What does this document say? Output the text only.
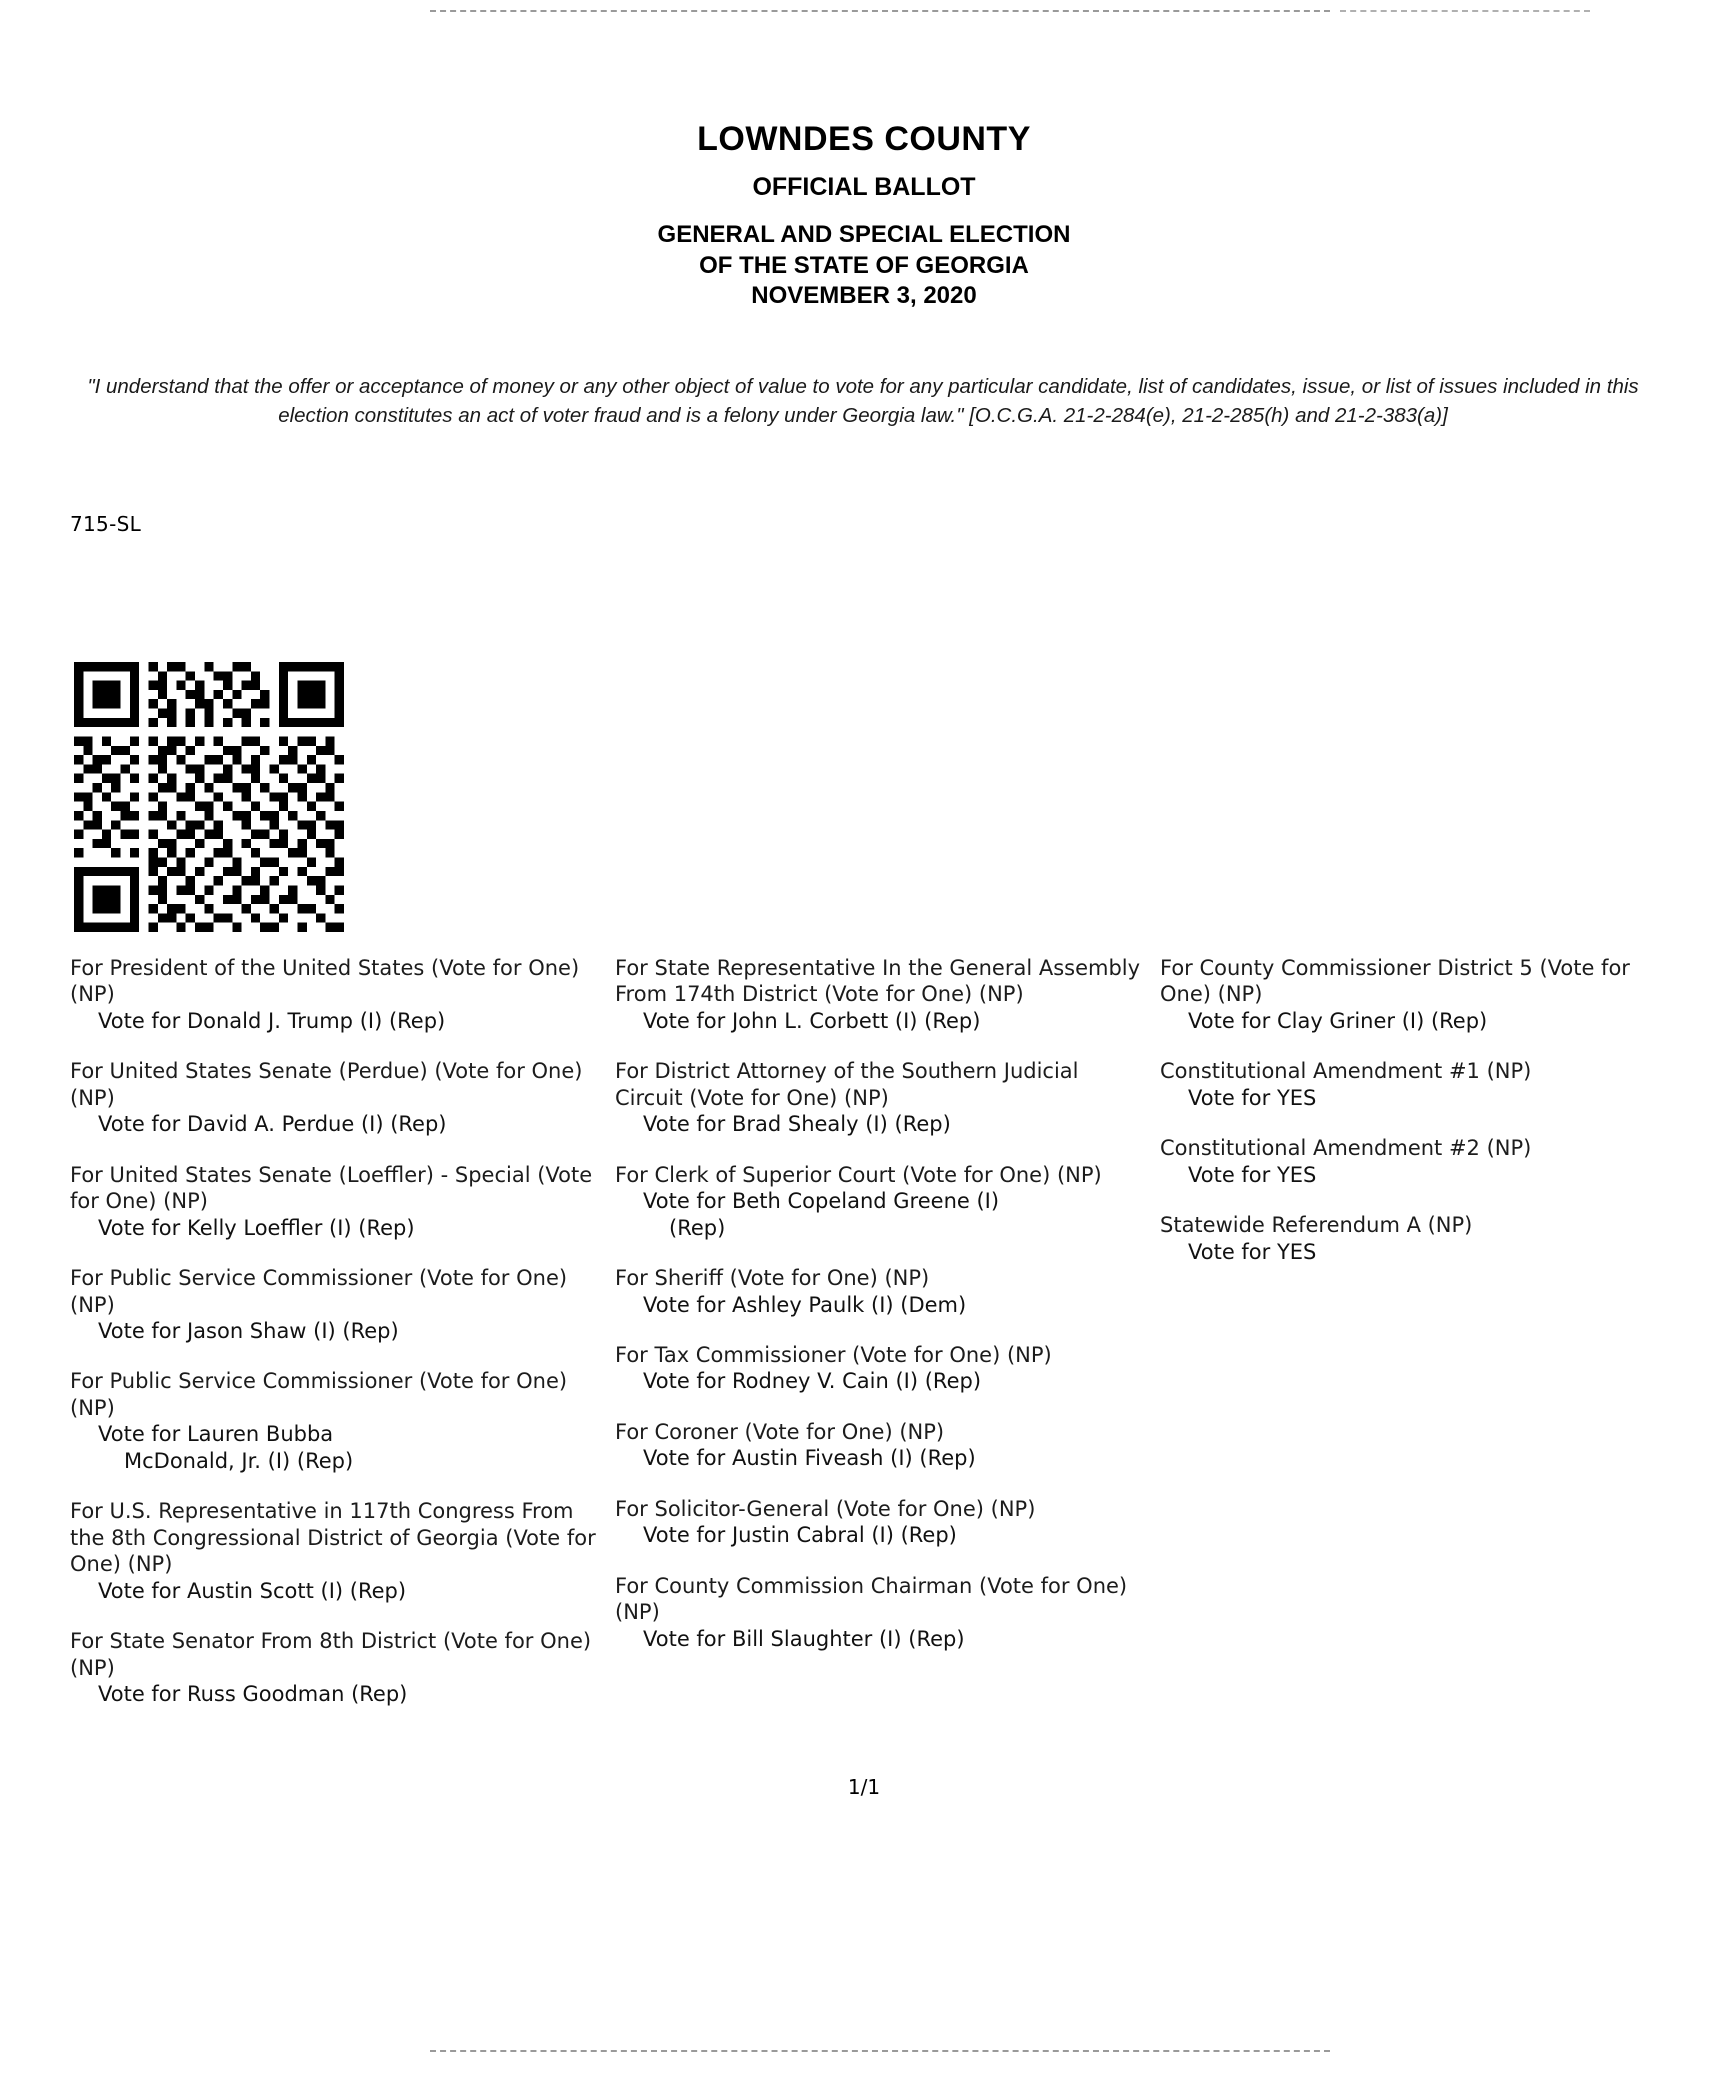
LOWNDES COUNTY
OFFICIAL BALLOT
GENERAL AND SPECIAL ELECTION
OF THE STATE OF GEORGIA
NOVEMBER 3, 2020
"I understand that the offer or acceptance of money or any other object of value to vote for any particular candidate, list of candidates, issue, or list of issues included in this election constitutes an act of voter fraud and is a felony under Georgia law." [O.C.G.A. 21-2-284(e), 21-2-285(h) and 21-2-383(a)]
715-SL
For President of the United States (Vote for One) (NP)
Vote for Donald J. Trump (I) (Rep)
For United States Senate (Perdue) (Vote for One) (NP)
Vote for David A. Perdue (I) (Rep)
For United States Senate (Loeffler) - Special (Vote for One) (NP)
Vote for Kelly Loeffler (I) (Rep)
For Public Service Commissioner (Vote for One) (NP)
Vote for Jason Shaw (I) (Rep)
For Public Service Commissioner (Vote for One) (NP)
Vote for Lauren Bubba
McDonald, Jr. (I) (Rep)
For U.S. Representative in 117th Congress From the 8th Congressional District of Georgia (Vote for One) (NP)
Vote for Austin Scott (I) (Rep)
For State Senator From 8th District (Vote for One) (NP)
Vote for Russ Goodman (Rep)
For State Representative In the General Assembly From 174th District (Vote for One) (NP)
Vote for John L. Corbett (I) (Rep)
For District Attorney of the Southern Judicial Circuit (Vote for One) (NP)
Vote for Brad Shealy (I) (Rep)
For Clerk of Superior Court (Vote for One) (NP)
Vote for Beth Copeland Greene (I)
(Rep)
For Sheriff (Vote for One) (NP)
Vote for Ashley Paulk (I) (Dem)
For Tax Commissioner (Vote for One) (NP)
Vote for Rodney V. Cain (I) (Rep)
For Coroner (Vote for One) (NP)
Vote for Austin Fiveash (I) (Rep)
For Solicitor-General (Vote for One) (NP)
Vote for Justin Cabral (I) (Rep)
For County Commission Chairman (Vote for One) (NP)
Vote for Bill Slaughter (I) (Rep)
For County Commissioner District 5 (Vote for One) (NP)
Vote for Clay Griner (I) (Rep)
Constitutional Amendment #1 (NP)
Vote for YES
Constitutional Amendment #2 (NP)
Vote for YES
Statewide Referendum A (NP)
Vote for YES
1/1
